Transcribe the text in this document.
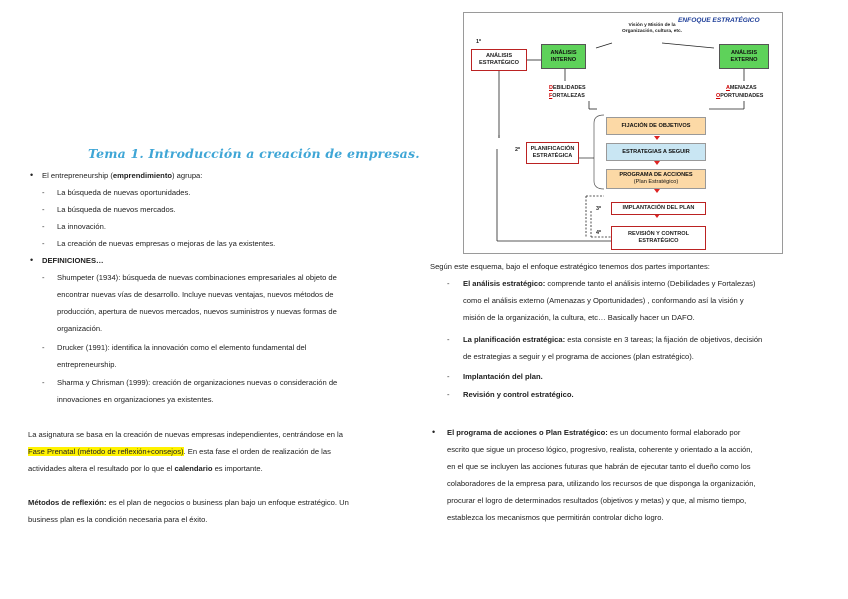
Tema 1. Introducción a creación de empresas.
• El entrepreneurship (emprendimiento) agrupa:
- La búsqueda de nuevas oportunidades.
- La búsqueda de nuevos mercados.
- La innovación.
- La creación de nuevas empresas o mejoras de las ya existentes.
• DEFINICIONES…
- Shumpeter (1934): búsqueda de nuevas combinaciones empresariales al objeto de
encontrar nuevas vías de desarrollo. Incluye nuevas ventajas, nuevos métodos de
producción, apertura de nuevos mercados, nuevos suministros y nuevas formas de
organización.
- Drucker (1991): identifica la innovación como el elemento fundamental del
entrepreneurship.
- Sharma y Chrisman (1999): creación de organizaciones nuevas o consideración de
innovaciones en organizaciones ya existentes.
La asignatura se basa en la creación de nuevas empresas independientes, centrándose en la
Fase Prenatal (método de reflexión+consejos). En esta fase el orden de realización de las
actividades altera el resultado por lo que el calendario es importante.
Métodos de reflexión: es el plan de negocios o business plan bajo un enfoque estratégico. Un
business plan es la condición necesaria para el éxito.
ENFOQUE ESTRATÉGICO
Visión y Misión de la Organización, cultura, etc.
1º
ANÁLISIS ESTRATÉGICO
ANÁLISIS INTERNO
ANÁLISIS EXTERNO
DEBILIDADES
FORTALEZAS
AMENAZAS
OPORTUNIDADES
2º	PLANIFICACIÓN ESTRATÉGICA
FIJACIÓN DE OBJETIVOS
ESTRATEGIAS A SEGUIR
PROGRAMA DE ACCIONES
(Plan Estratégico)
3º	IMPLANTACIÓN DEL PLAN
4º	REVISIÓN Y CONTROL ESTRATÉGICO
Según este esquema, bajo el enfoque estratégico tenemos dos partes importantes:
- El análisis estratégico: comprende tanto el análisis interno (Debilidades y Fortalezas)
como el análisis externo (Amenazas y Oportunidades) , conformando así la visión y
misión de la organización, la cultura, etc… Basically hacer un DAFO.
- La planificación estratégica: esta consiste en 3 tareas; la fijación de objetivos, decisión
de estrategias a seguir y el programa de acciones (plan estratégico).
- Implantación del plan.
- Revisión y control estratégico.
• El programa de acciones o Plan Estratégico: es un documento formal elaborado por
escrito que sigue un proceso lógico, progresivo, realista, coherente y orientado a la acción,
en el que se incluyen las acciones futuras que habrán de ejecutar tanto el dueño como los
colaboradores de la empresa para, utilizando los recursos de que disponga la organización,
procurar el logro de determinados resultados (objetivos y metas) y que, al mismo tiempo,
establezca los mecanismos que permitirán controlar dicho logro.
